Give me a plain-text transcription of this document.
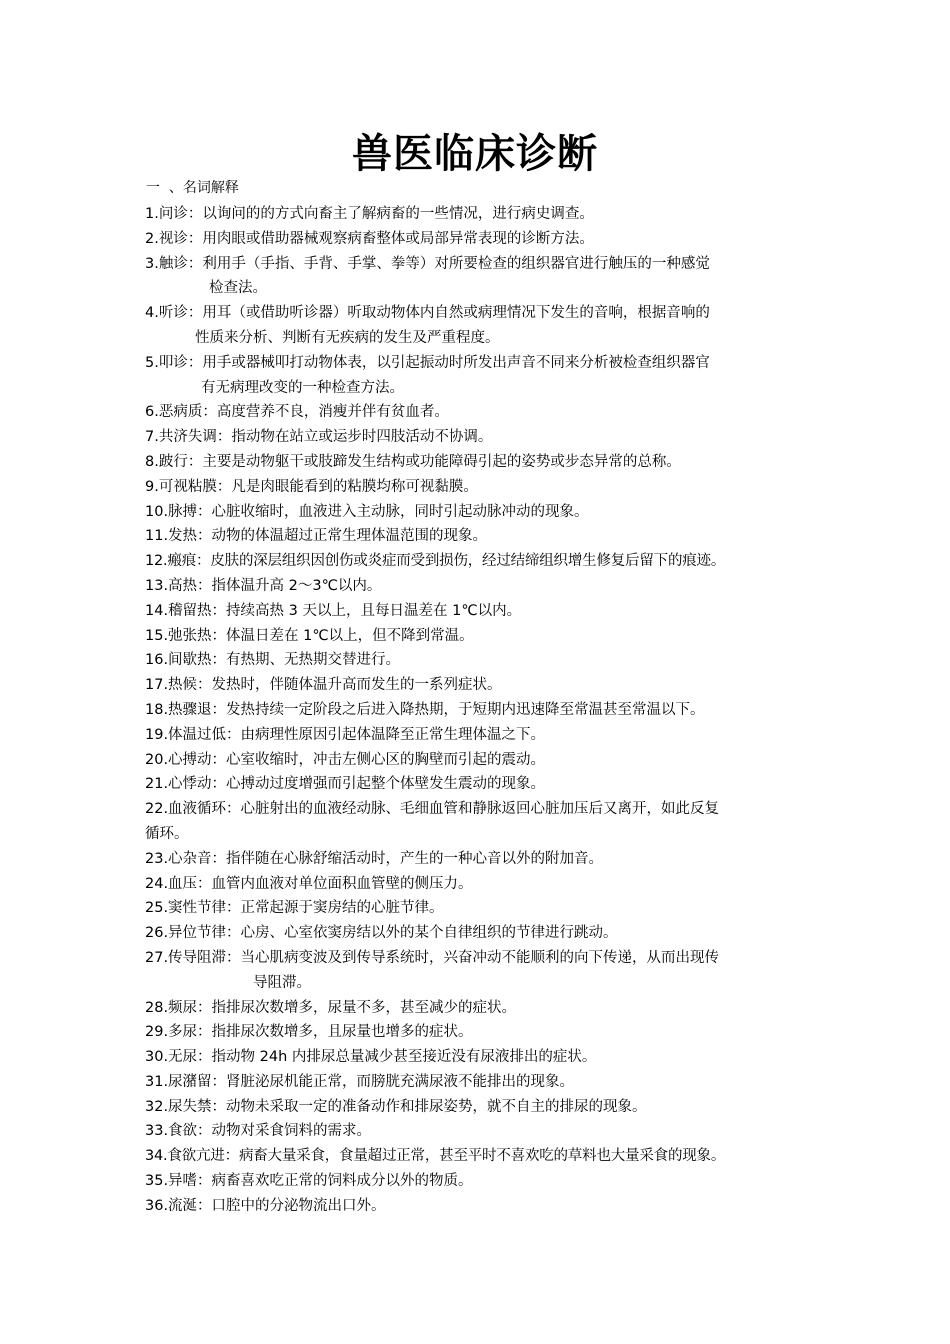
兽医临床诊断
一  、名词解释
1.问诊：以询问的的方式向畜主了解病畜的一些情况，进行病史调查。
2.视诊：用肉眼或借助器械观察病畜整体或局部异常表现的诊断方法。
3.触诊：利用手（手指、手背、手掌、拳等）对所要检查的组织器官进行触压的一种感觉
检查法。
4.听诊：用耳（或借助听诊器）听取动物体内自然或病理情况下发生的音响，根据音响的
性质来分析、判断有无疾病的发生及严重程度。
5.叩诊：用手或器械叩打动物体表，以引起振动时所发出声音不同来分析被检查组织器官
有无病理改变的一种检查方法。
6.恶病质：高度营养不良，消瘦并伴有贫血者。
7.共济失调：指动物在站立或运步时四肢活动不协调。
8.跛行：主要是动物躯干或肢蹄发生结构或功能障碍引起的姿势或步态异常的总称。
9.可视粘膜：凡是肉眼能看到的粘膜均称可视黏膜。
10.脉搏：心脏收缩时，血液进入主动脉，同时引起动脉冲动的现象。
11.发热：动物的体温超过正常生理体温范围的现象。
12.瘢痕：皮肤的深层组织因创伤或炎症而受到损伤，经过结缔组织增生修复后留下的痕迹。
13.高热：指体温升高 2～3℃以内。
14.稽留热：持续高热 3 天以上，且每日温差在 1℃以内。
15.弛张热：体温日差在 1℃以上，但不降到常温。
16.间歇热：有热期、无热期交替进行。
17.热候：发热时，伴随体温升高而发生的一系列症状。
18.热骤退：发热持续一定阶段之后进入降热期，于短期内迅速降至常温甚至常温以下。
19.体温过低：由病理性原因引起体温降至正常生理体温之下。
20.心搏动：心室收缩时，冲击左侧心区的胸壁而引起的震动。
21.心悸动：心搏动过度增强而引起整个体壁发生震动的现象。
22.血液循环：心脏射出的血液经动脉、毛细血管和静脉返回心脏加压后又离开，如此反复
循环。
23.心杂音：指伴随在心脉舒缩活动时，产生的一种心音以外的附加音。
24.血压：血管内血液对单位面积血管壁的侧压力。
25.窦性节律：正常起源于窦房结的心脏节律。
26.异位节律：心房、心室依窦房结以外的某个自律组织的节律进行跳动。
27.传导阻滞：当心肌病变波及到传导系统时，兴奋冲动不能顺利的向下传递，从而出现传
导阻滞。
28.频尿：指排尿次数增多，尿量不多，甚至减少的症状。
29.多尿：指排尿次数增多，且尿量也增多的症状。
30.无尿：指动物 24h 内排尿总量减少甚至接近没有尿液排出的症状。
31.尿潴留：肾脏泌尿机能正常，而膀胱充满尿液不能排出的现象。
32.尿失禁：动物未采取一定的准备动作和排尿姿势，就不自主的排尿的现象。
33.食欲：动物对采食饲料的需求。
34.食欲亢进：病畜大量采食，食量超过正常，甚至平时不喜欢吃的草料也大量采食的现象。
35.异嗜：病畜喜欢吃正常的饲料成分以外的物质。
36.流涎：口腔中的分泌物流出口外。
